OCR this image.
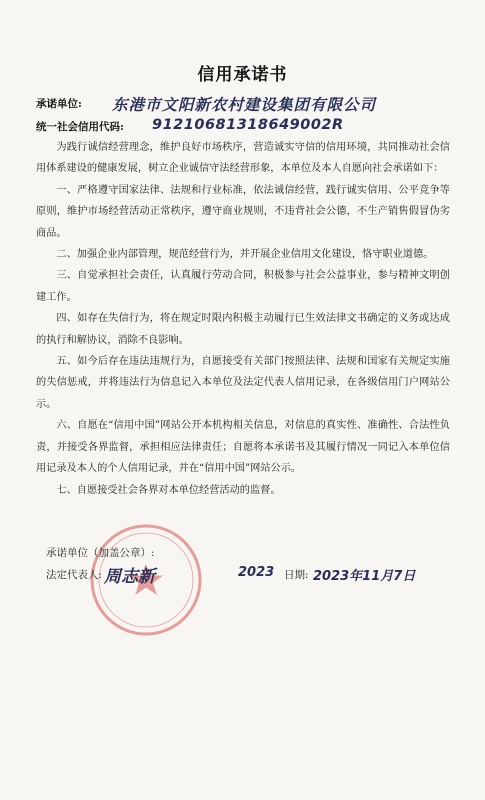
信用承诺书
承诺单位: 东港市文阳新农村建设集团有限公司
统一社会信用代码: 91210681318649002R

为践行诚信经营理念，维护良好市场秩序，营造诚实守信的信用环境，共同推动社会信用体系建设的健康发展，树立企业诚信守法经营形象，本单位及本人自愿向社会承诺如下：

一、严格遵守国家法律、法规和行业标准，依法诚信经营，践行诚实信用、公平竞争等原则，维护市场经营活动正常秩序，遵守商业规则，不违背社会公德，不生产销售假冒伪劣商品。

二、加强企业内部管理，规范经营行为，并开展企业信用文化建设，恪守职业道德。

三、自觉承担社会责任，认真履行劳动合同，积极参与社会公益事业，参与精神文明创建工作。

四、如存在失信行为，将在规定时限内积极主动履行已生效法律文书确定的义务或达成的执行和解协议，消除不良影响。

五、如今后存在违法违规行为，自愿接受有关部门按照法律、法规和国家有关规定实施的失信惩戒，并将违法行为信息记入本单位及法定代表人信用记录，在各级信用门户网站公示。

六、自愿在“信用中国”网站公开本机构相关信息，对信息的真实性、准确性、合法性负责，并接受各界监督，承担相应法律责任；自愿将本承诺书及其履行情况一同记入本单位信用记录及本人的个人信用记录，并在“信用中国”网站公示。

七、自愿接受社会各界对本单位经营活动的监督。

承诺单位（加盖公章）:
法定代表人: 周志新	2023 日期: 2023年11月7日
